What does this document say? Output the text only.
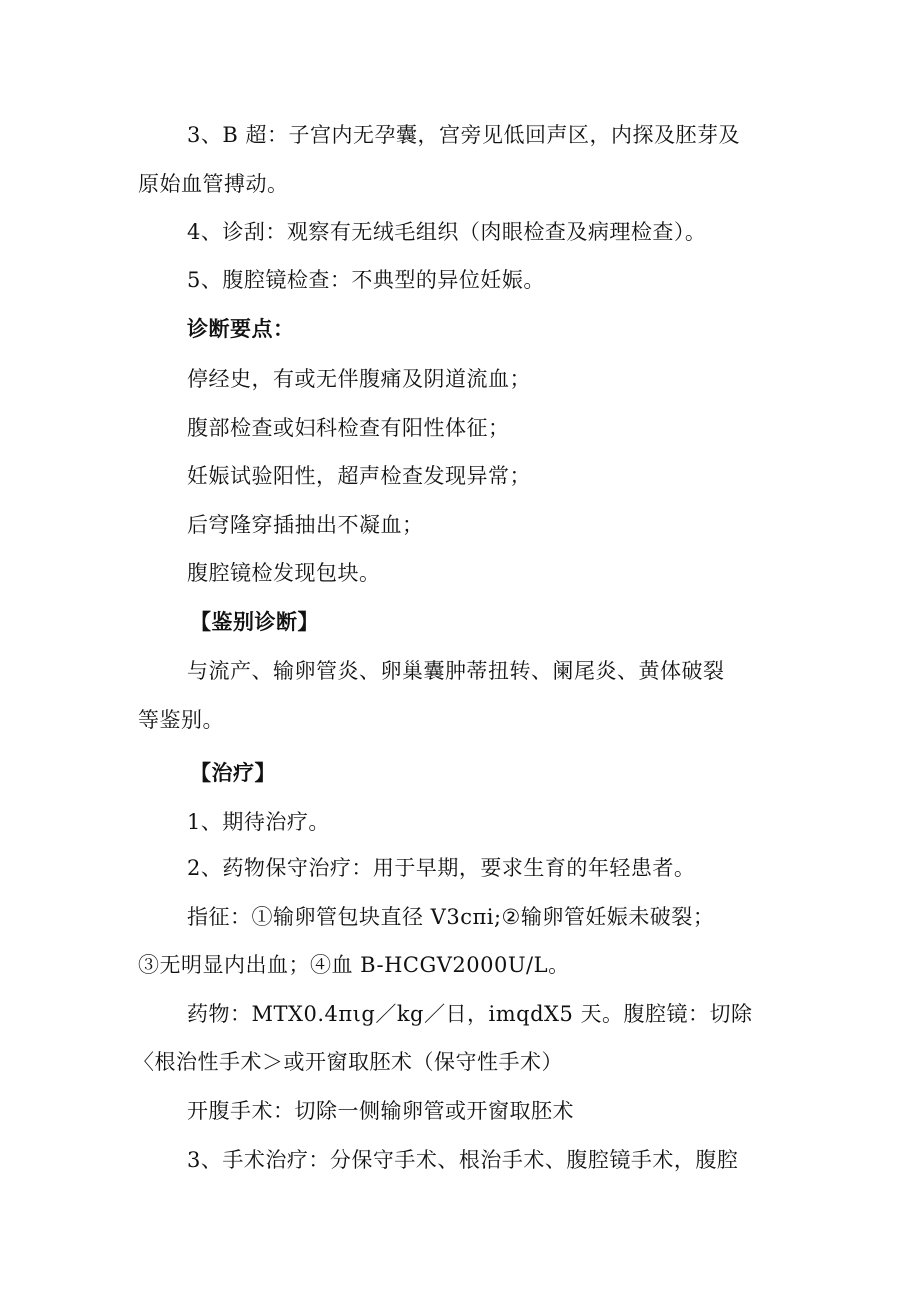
3、B 超：子宫内无孕囊，宫旁见低回声区，内探及胚芽及
原始血管搏动。
4、诊刮：观察有无绒毛组织（肉眼检查及病理检查）。
5、腹腔镜检查：不典型的异位妊娠。
诊断要点：
停经史，有或无伴腹痛及阴道流血；
腹部检查或妇科检查有阳性体征；
妊娠试验阳性，超声检查发现异常；
后穹隆穿插抽出不凝血；
腹腔镜检发现包块。
【鉴别诊断】
与流产、输卵管炎、卵巢囊肿蒂扭转、阑尾炎、黄体破裂
等鉴别。
【治疗】
1、期待治疗。
2、药物保守治疗：用于早期，要求生育的年轻患者。
指征：①输卵管包块直径 V3cπi;②输卵管妊娠未破裂；
③无明显内出血；④血 B-HCGV2000U/L。
药物：MTX0.4πιg／kg／日，imqdX5 天。腹腔镜：切除
〈根治性手术＞或开窗取胚术（保守性手术）
开腹手术：切除一侧输卵管或开窗取胚术
3、手术治疗：分保守手术、根治手术、腹腔镜手术，腹腔
